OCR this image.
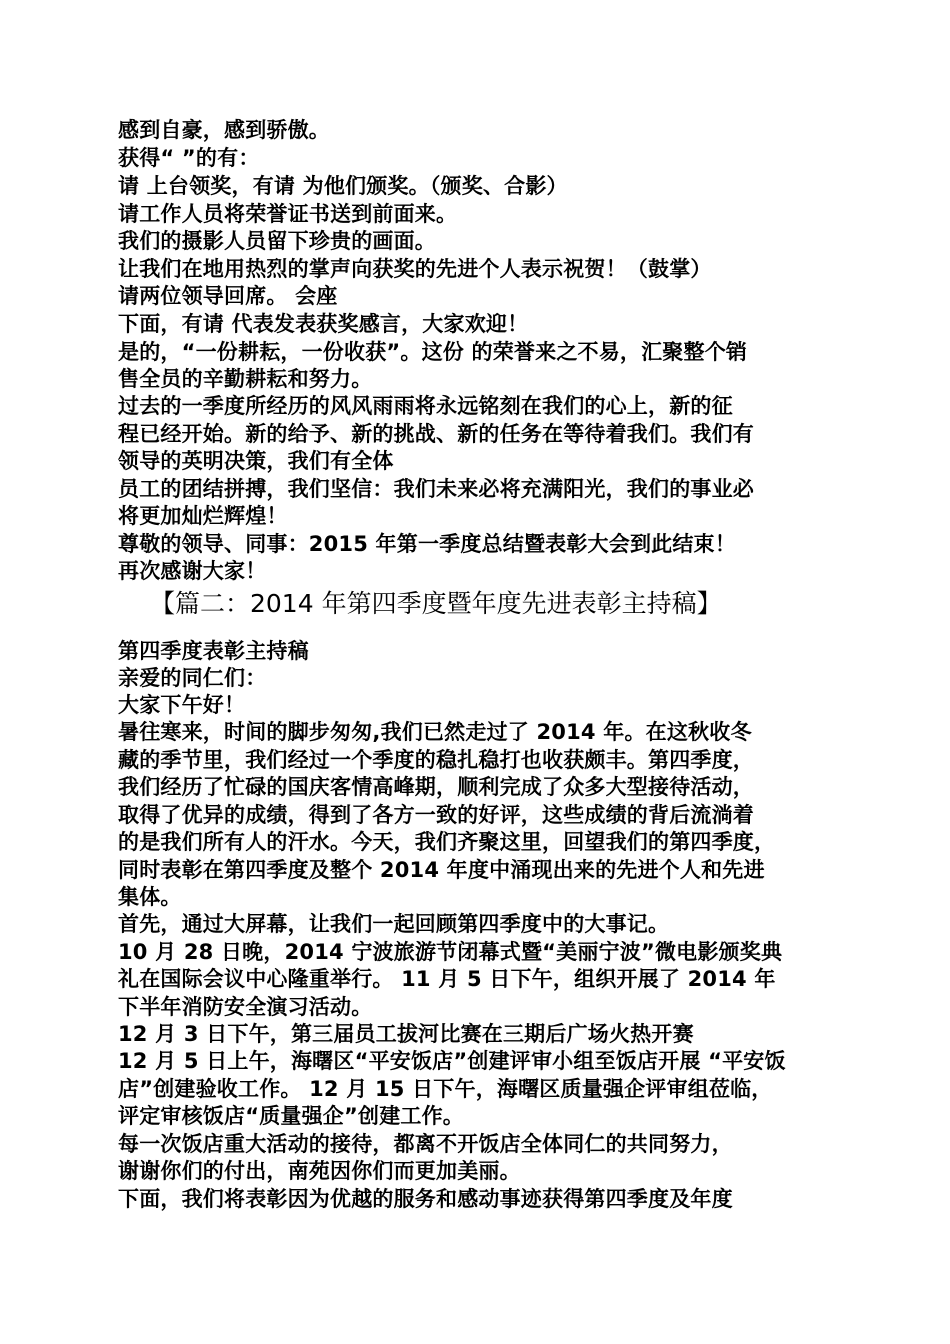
感到自豪，感到骄傲。
获得“ ”的有：
请 上台领奖，有请 为他们颁奖。（颁奖、合影）
请工作人员将荣誉证书送到前面来。
我们的摄影人员留下珍贵的画面。
让我们在地用热烈的掌声向获奖的先进个人表示祝贺！（鼓掌）
请两位领导回席。 会座
下面，有请 代表发表获奖感言，大家欢迎！
是的，“一份耕耘，一份收获”。这份 的荣誉来之不易，汇聚整个销
售全员的辛勤耕耘和努力。
过去的一季度所经历的风风雨雨将永远铭刻在我们的心上，新的征
程已经开始。新的给予、新的挑战、新的任务在等待着我们。我们有
领导的英明决策，我们有全体
员工的团结拼搏，我们坚信：我们未来必将充满阳光，我们的事业必
将更加灿烂辉煌！
尊敬的领导、同事：2015 年第一季度总结暨表彰大会到此结束！
再次感谢大家！
【篇二：2014 年第四季度暨年度先进表彰主持稿】
第四季度表彰主持稿
亲爱的同仁们：
大家下午好！
暑往寒来，时间的脚步匆匆,我们已然走过了 2014 年。在这秋收冬
藏的季节里，我们经过一个季度的稳扎稳打也收获颇丰。第四季度，
我们经历了忙碌的国庆客情高峰期，顺利完成了众多大型接待活动，
取得了优异的成绩，得到了各方一致的好评，这些成绩的背后流淌着
的是我们所有人的汗水。今天，我们齐聚这里，回望我们的第四季度，
同时表彰在第四季度及整个 2014 年度中涌现出来的先进个人和先进
集体。
首先，通过大屏幕，让我们一起回顾第四季度中的大事记。
10 月 28 日晚，2014 宁波旅游节闭幕式暨“美丽宁波”微电影颁奖典
礼在国际会议中心隆重举行。 11 月 5 日下午，组织开展了 2014 年
下半年消防安全演习活动。
12 月 3 日下午，第三届员工拔河比赛在三期后广场火热开赛
12 月 5 日上午，海曙区“平安饭店”创建评审小组至饭店开展 “平安饭
店”创建验收工作。 12 月 15 日下午，海曙区质量强企评审组莅临，
评定审核饭店“质量强企”创建工作。
每一次饭店重大活动的接待，都离不开饭店全体同仁的共同努力，
谢谢你们的付出，南苑因你们而更加美丽。
下面，我们将表彰因为优越的服务和感动事迹获得第四季度及年度
